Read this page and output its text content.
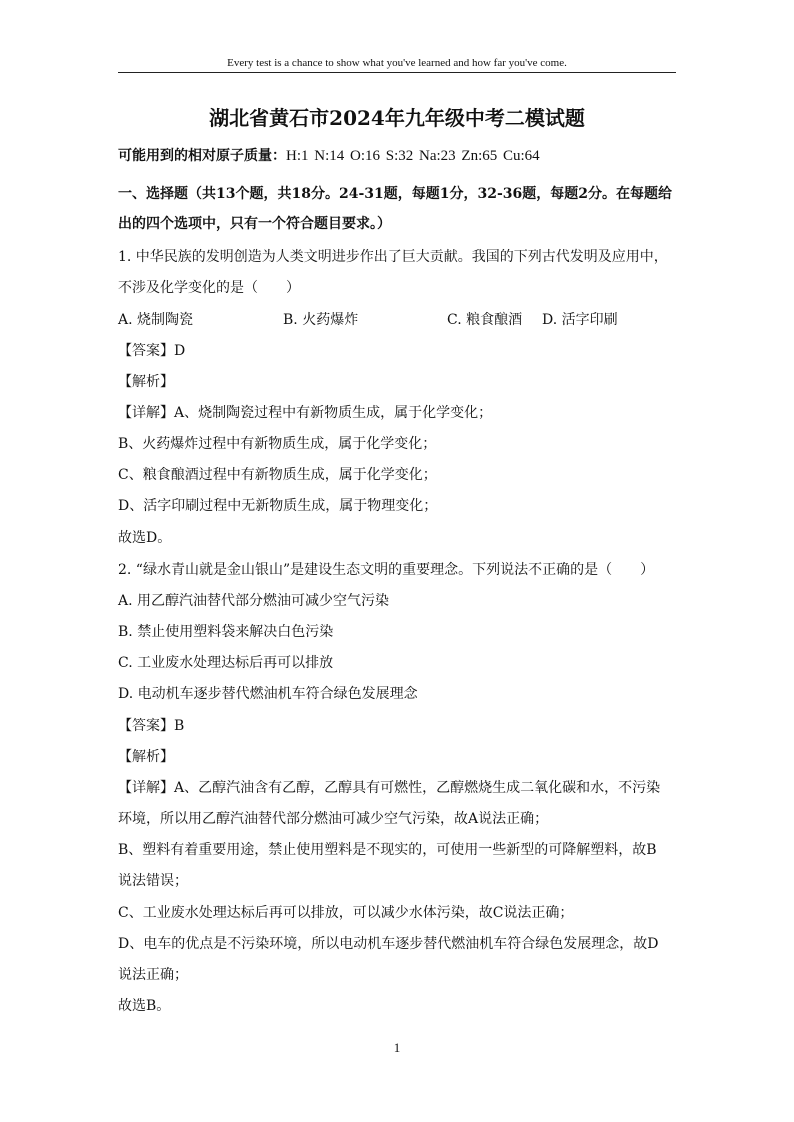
Every test is a chance to show what you've learned and how far you've come.
湖北省黄石市2024年九年级中考二模试题
可能用到的相对原子质量：H:1 N:14 O:16 S:32 Na:23 Zn:65 Cu:64
一、选择题（共13个题，共18分。24-31题，每题1分，32-36题，每题2分。在每题给
出的四个选项中，只有一个符合题目要求。）
1. 中华民族的发明创造为人类文明进步作出了巨大贡献。我国的下列古代发明及应用中，
不涉及化学变化的是（　　）
A. 烧制陶瓷	B. 火药爆炸	C. 粮食酿酒 D. 活字印刷
【答案】D
【解析】
【详解】A、烧制陶瓷过程中有新物质生成，属于化学变化；
B、火药爆炸过程中有新物质生成，属于化学变化；
C、粮食酿酒过程中有新物质生成，属于化学变化；
D、活字印刷过程中无新物质生成，属于物理变化；
故选D。
2. “绿水青山就是金山银山”是建设生态文明的重要理念。下列说法不正确的是（　　）
A. 用乙醇汽油替代部分燃油可减少空气污染
B. 禁止使用塑料袋来解决白色污染
C. 工业废水处理达标后再可以排放
D. 电动机车逐步替代燃油机车符合绿色发展理念
【答案】B
【解析】
【详解】A、乙醇汽油含有乙醇，乙醇具有可燃性，乙醇燃烧生成二氧化碳和水，不污染
环境，所以用乙醇汽油替代部分燃油可减少空气污染，故A说法正确；
B、塑料有着重要用途，禁止使用塑料是不现实的，可使用一些新型的可降解塑料，故B
说法错误；
C、工业废水处理达标后再可以排放，可以减少水体污染，故C说法正确；
D、电车的优点是不污染环境，所以电动机车逐步替代燃油机车符合绿色发展理念，故D
说法正确；
故选B。
1
